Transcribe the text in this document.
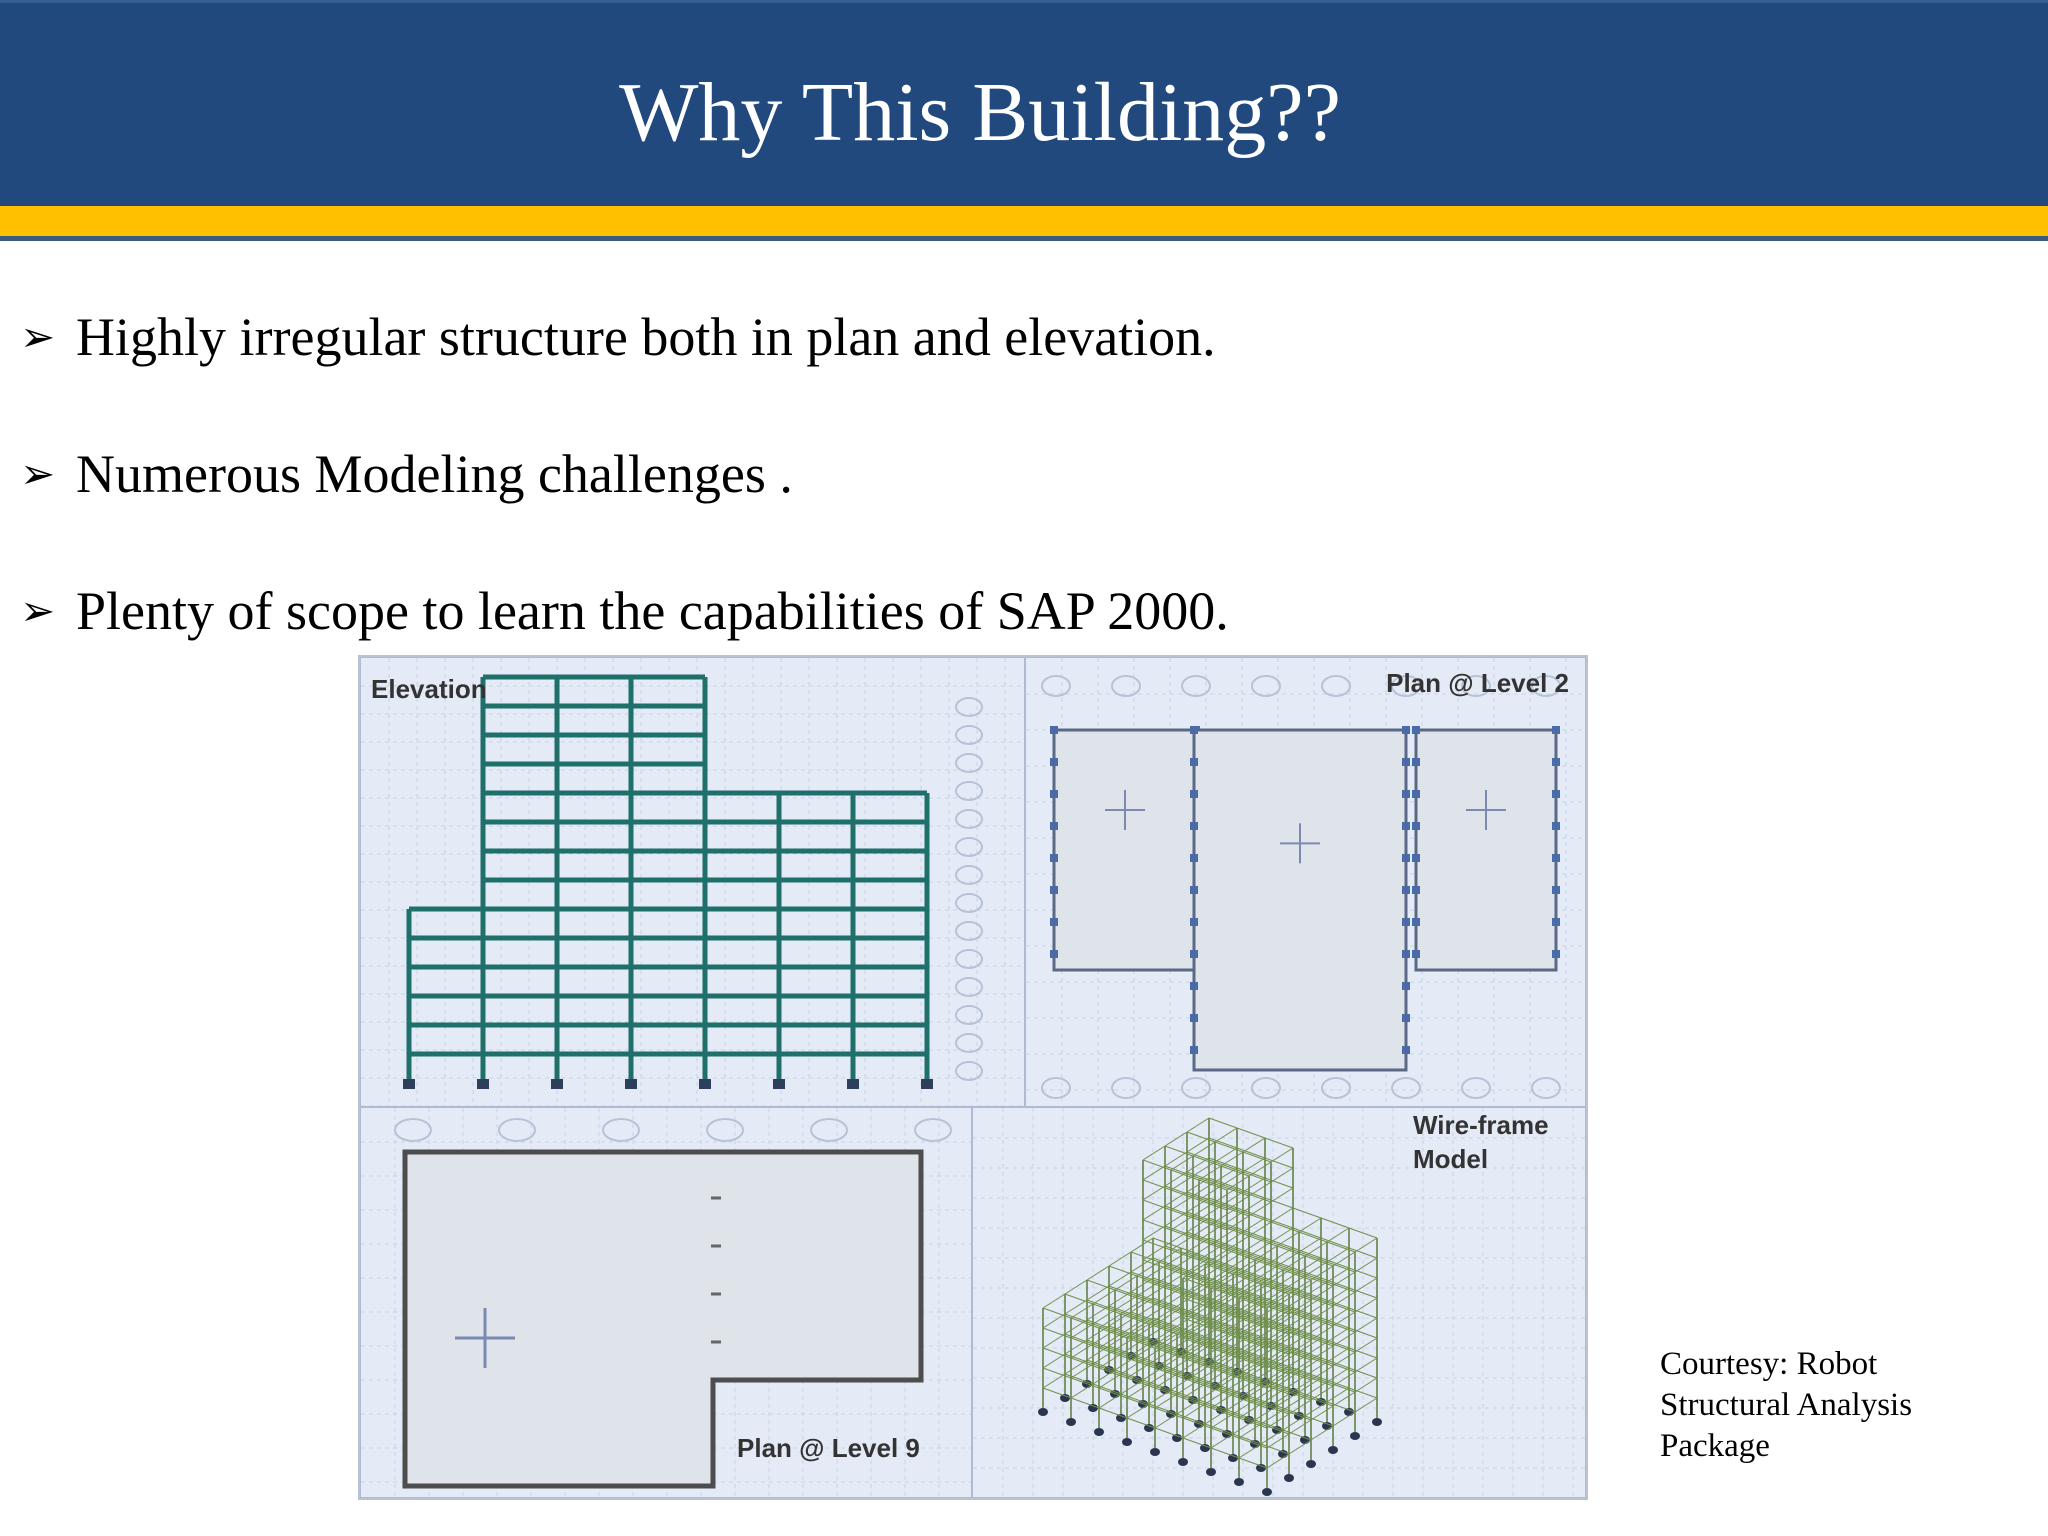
Why This Building??
➢ Highly irregular structure both in plan and elevation.
➢ Numerous Modeling challenges .
➢ Plenty of scope to learn the capabilities of SAP 2000.
Elevation	Plan @ Level 2
Plan @ Level 9
Wire-frame
Model
Courtesy: Robot
Structural Analysis
Package
